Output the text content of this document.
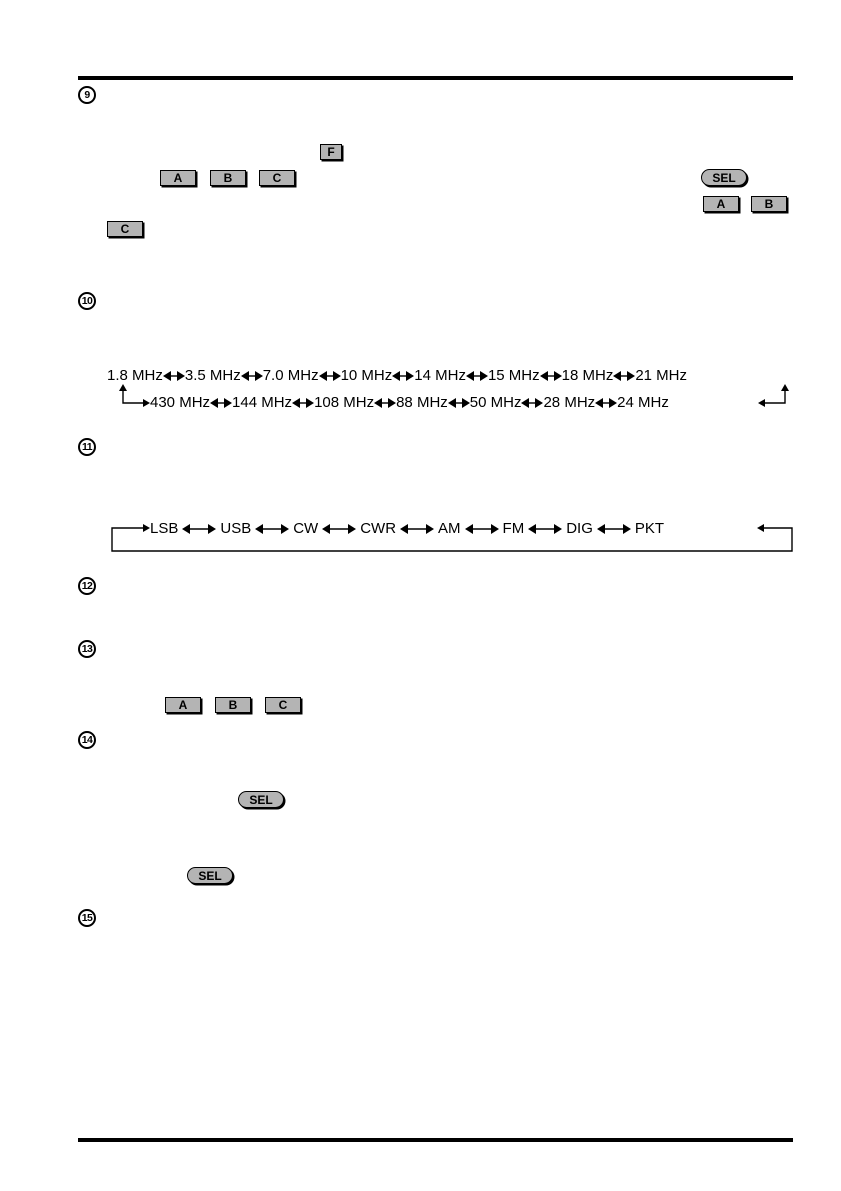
9
F
A	B	C	SEL
A	B
C
10
1.8 MHz 3.5 MHz 7.0 MHz 10 MHz 14 MHz 15 MHz 18 MHz 21 MHz
430 MHz 144 MHz 108 MHz 88 MHz 50 MHz 28 MHz 24 MHz
11
LSB	USB	CW	CWR	AM	FM	DIG	PKT
12
13
A	B	C
14
SEL
SEL
15
